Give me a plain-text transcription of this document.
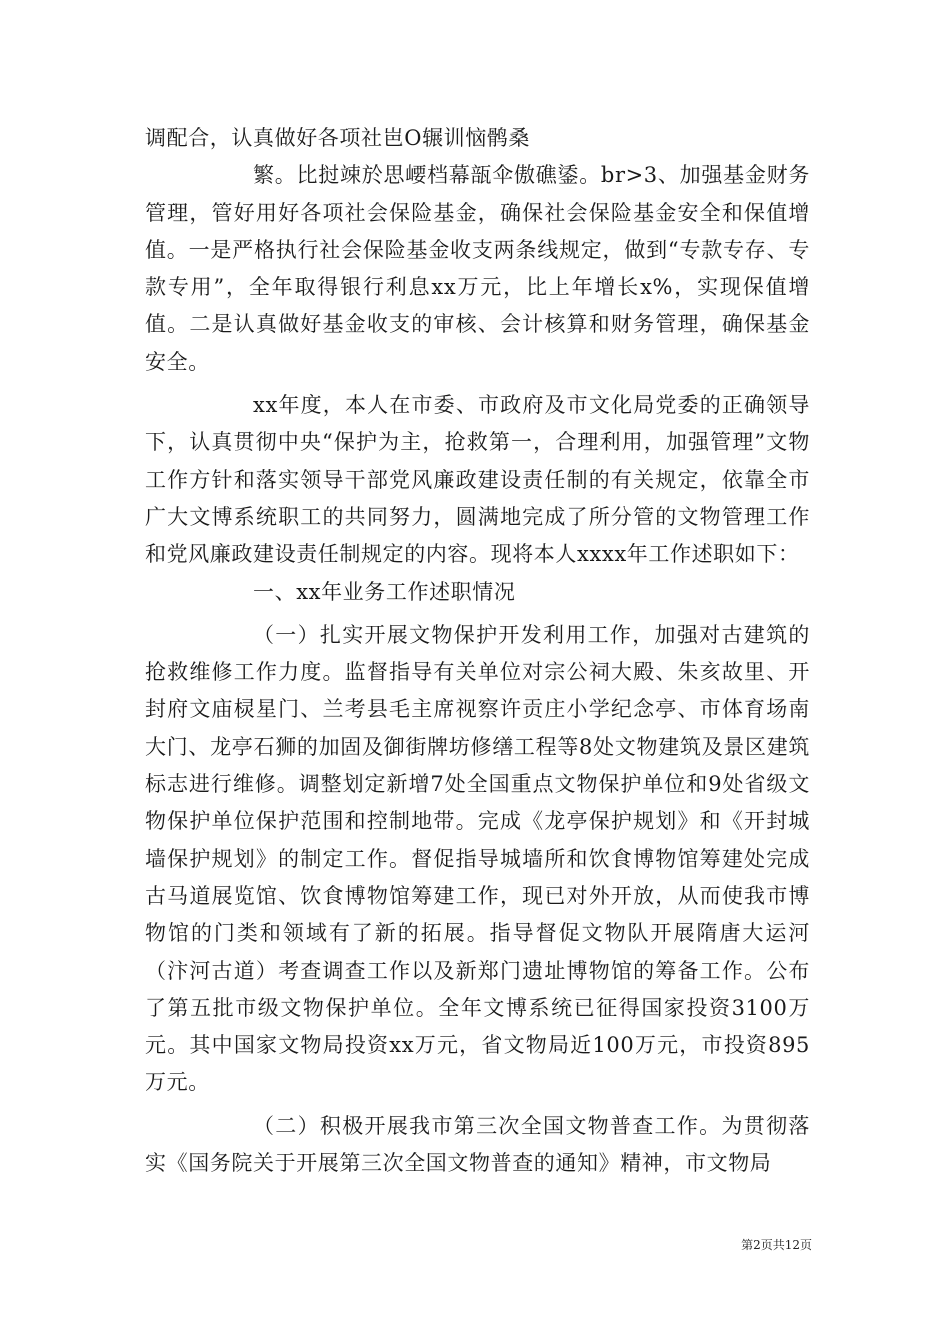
调配合，认真做好各项社岜О辗训恼鹘桑

繁。比挝竦於思崾档幕瓿伞傲礁鋈。br>3、加强基金财务管理，管好用好各项社会保险基金，确保社会保险基金安全和保值增值。一是严格执行社会保险基金收支两条线规定，做到“专款专存、专款专用”，全年取得银行利息xx万元，比上年增长x%，实现保值增值。二是认真做好基金收支的审核、会计核算和财务管理，确保基金安全。

xx年度，本人在市委、市政府及市文化局党委的正确领导下，认真贯彻中央“保护为主，抢救第一，合理利用，加强管理”文物工作方针和落实领导干部党风廉政建设责任制的有关规定，依靠全市广大文博系统职工的共同努力，圆满地完成了所分管的文物管理工作和党风廉政建设责任制规定的内容。现将本人xxxx年工作述职如下：

一、xx年业务工作述职情况

（一）扎实开展文物保护开发利用工作，加强对古建筑的抢救维修工作力度。监督指导有关单位对宗公祠大殿、朱亥故里、开封府文庙棂星门、兰考县毛主席视察许贡庄小学纪念亭、市体育场南大门、龙亭石狮的加固及御街牌坊修缮工程等8处文物建筑及景区建筑标志进行维修。调整划定新增7处全国重点文物保护单位和9处省级文物保护单位保护范围和控制地带。完成《龙亭保护规划》和《开封城墙保护规划》的制定工作。督促指导城墙所和饮食博物馆筹建处完成古马道展览馆、饮食博物馆筹建工作，现已对外开放，从而使我市博物馆的门类和领域有了新的拓展。指导督促文物队开展隋唐大运河（汴河古道）考查调查工作以及新郑门遗址博物馆的筹备工作。公布了第五批市级文物保护单位。全年文博系统已征得国家投资3100万元。其中国家文物局投资xx万元，省文物局近100万元，市投资895万元。

（二）积极开展我市第三次全国文物普查工作。为贯彻落实《国务院关于开展第三次全国文物普查的通知》精神，市文物局

第2页共12页
